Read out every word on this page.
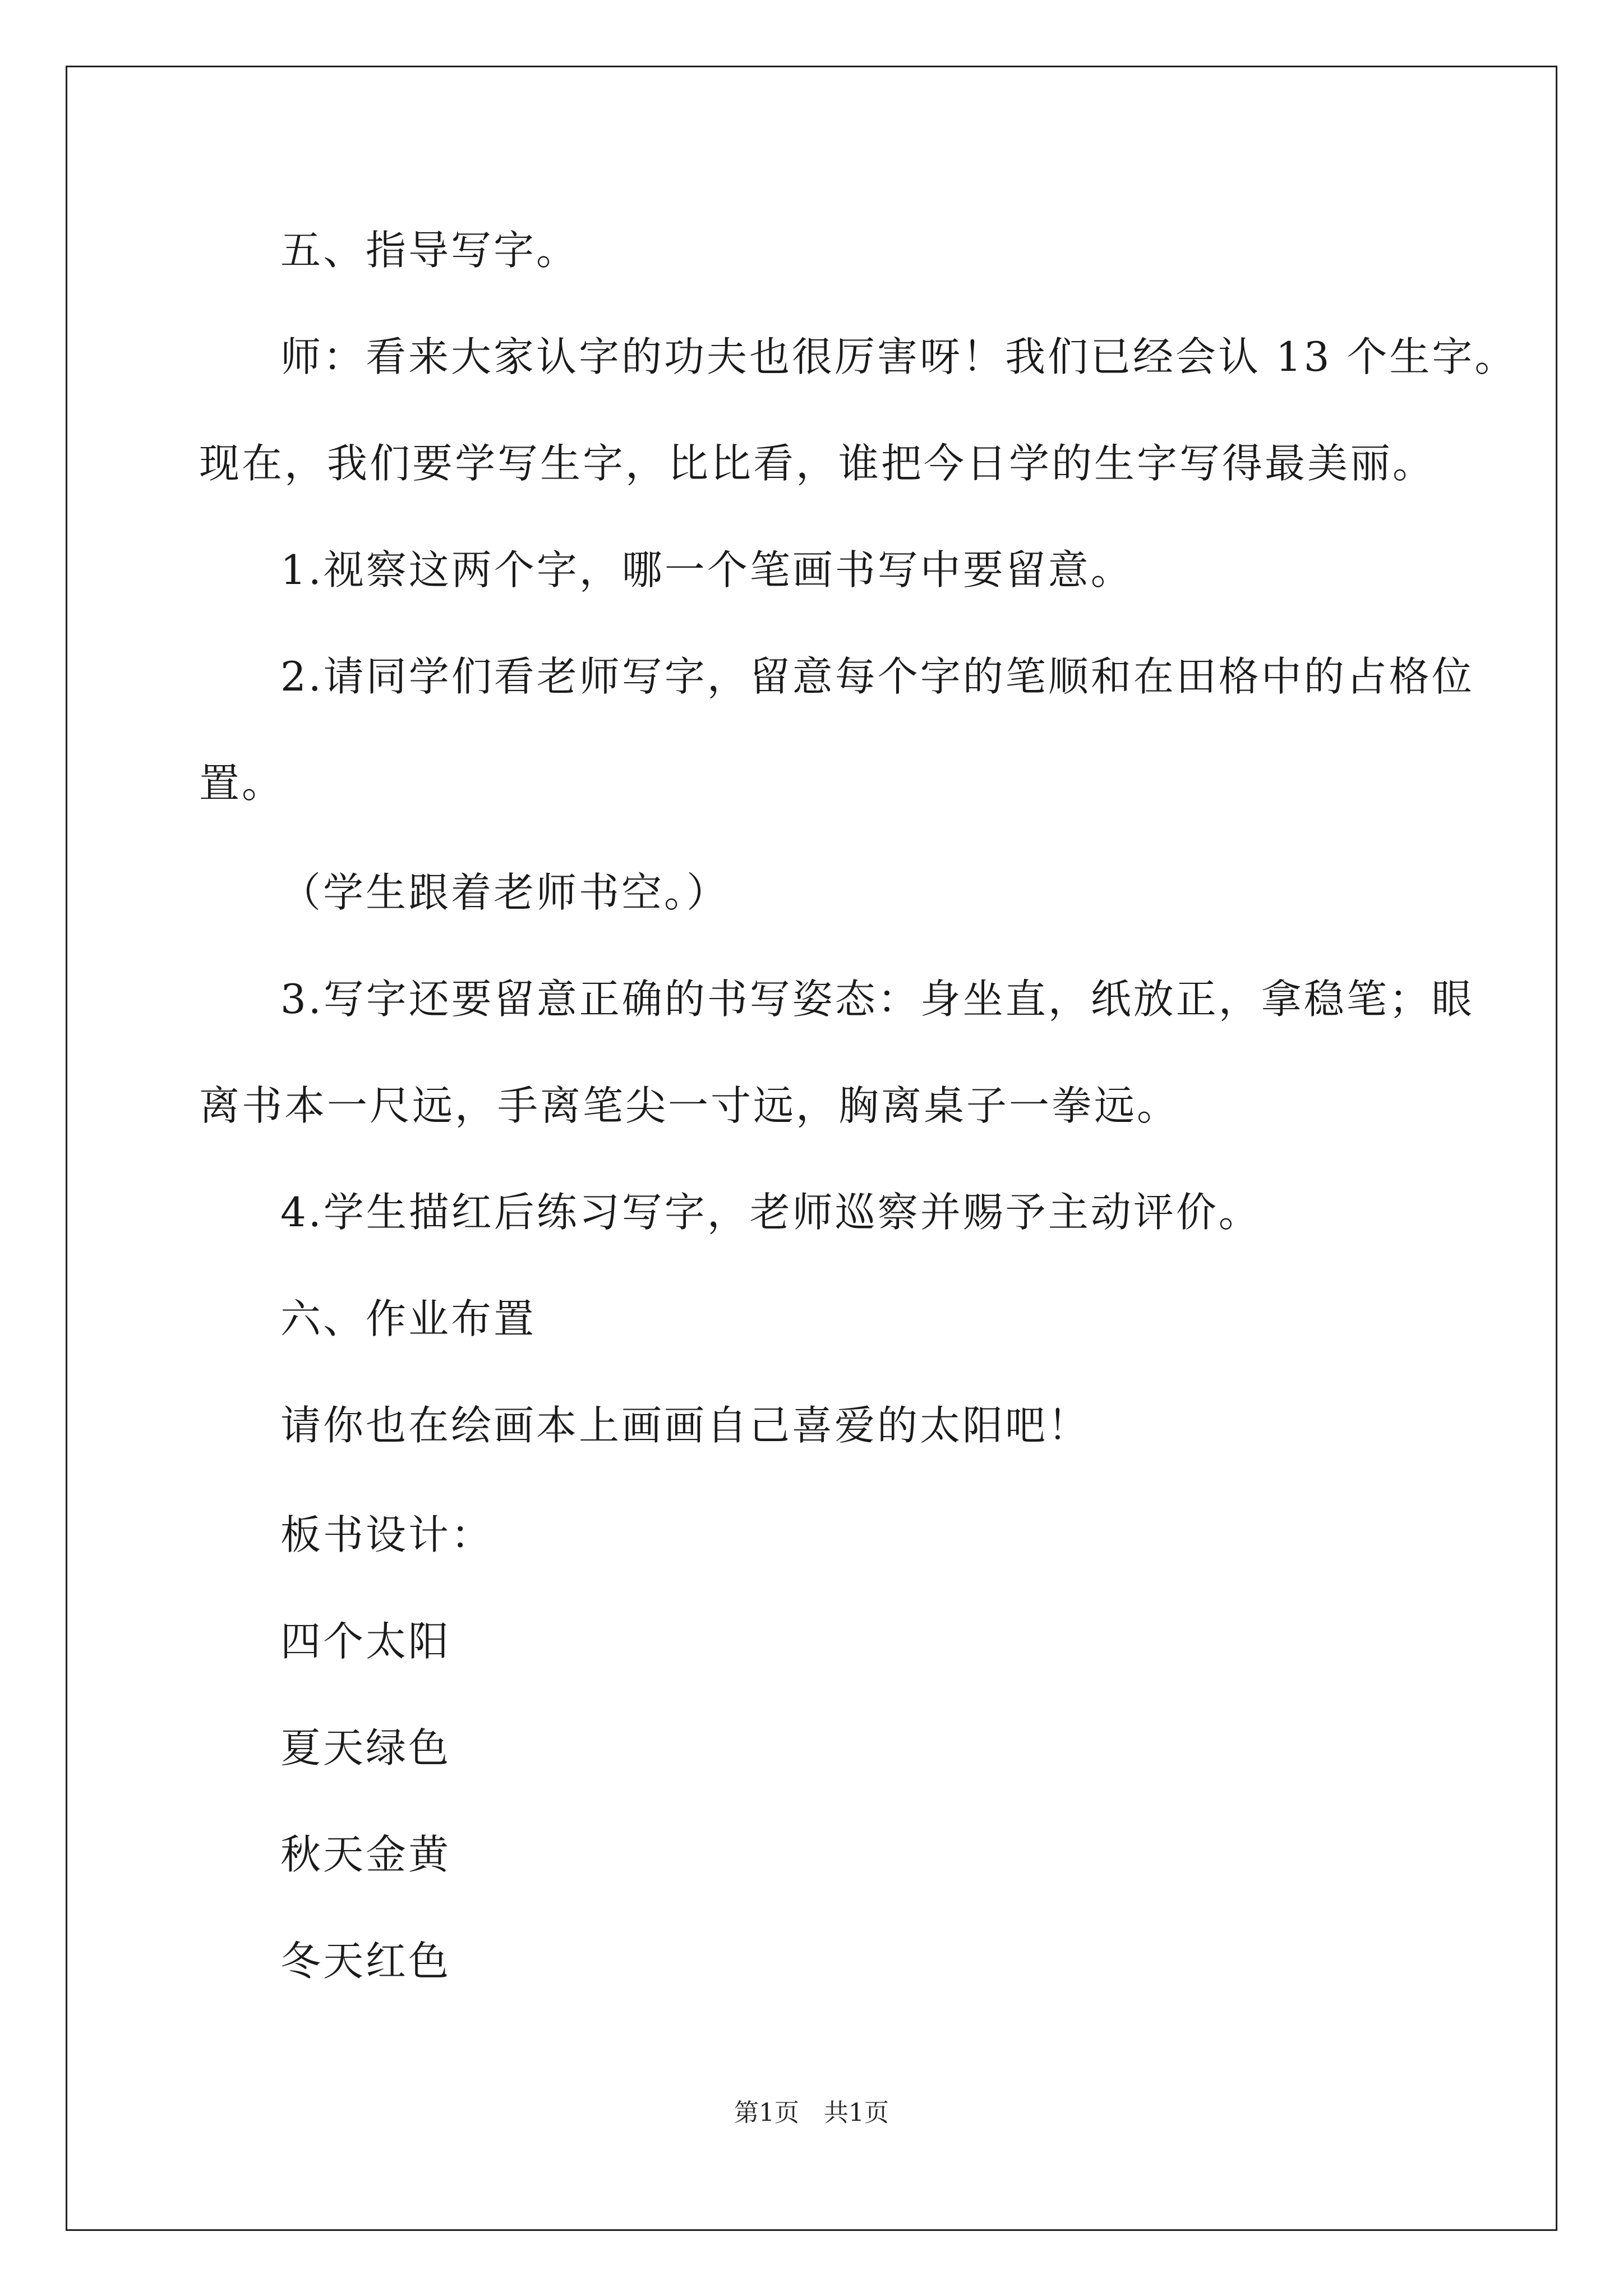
五、指导写字。
师：看来大家认字的功夫也很厉害呀！我们已经会认 13 个生字。
现在，我们要学写生字，比比看，谁把今日学的生字写得最美丽。
1.视察这两个字，哪一个笔画书写中要留意。
2.请同学们看老师写字，留意每个字的笔顺和在田格中的占格位
置。
（学生跟着老师书空。）
3.写字还要留意正确的书写姿态：身坐直，纸放正，拿稳笔；眼
离书本一尺远，手离笔尖一寸远，胸离桌子一拳远。
4.学生描红后练习写字，老师巡察并赐予主动评价。
六、作业布置
请你也在绘画本上画画自己喜爱的太阳吧！
板书设计：
四个太阳
夏天绿色
秋天金黄
冬天红色
第1页　共1页
